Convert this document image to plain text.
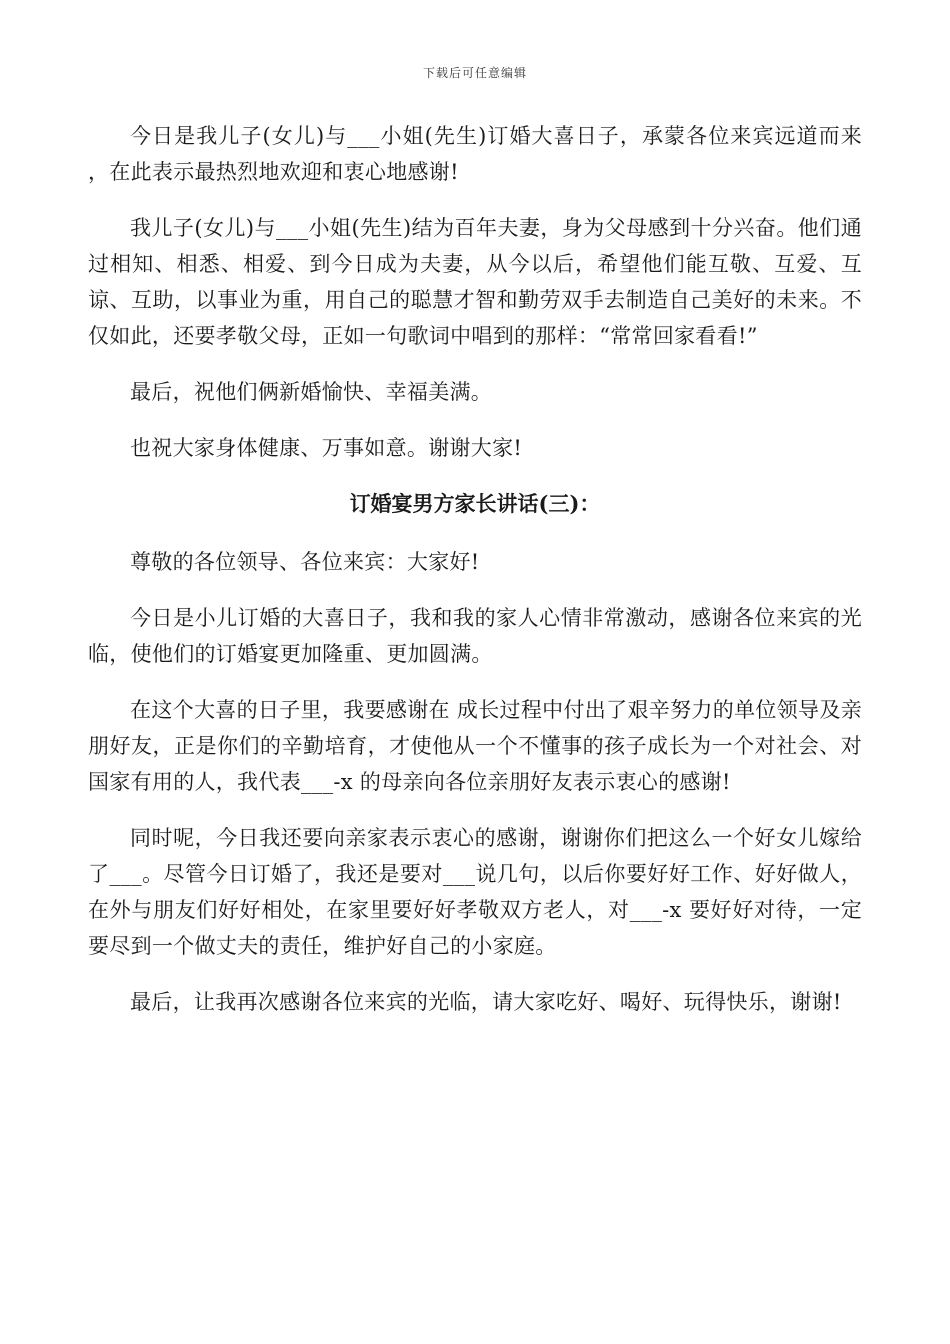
下载后可任意编辑

今日是我儿子(女儿)与___小姐(先生)订婚大喜日子，承蒙各位来宾远道而来 ，在此表示最热烈地欢迎和衷心地感谢!

我儿子(女儿)与___小姐(先生)结为百年夫妻，身为父母感到十分兴奋。他们通过相知、相悉、相爱、到今日成为夫妻，从今以后，希望他们能互敬、互爱、互谅、互助，以事业为重，用自己的聪慧才智和勤劳双手去制造自己美好的未来。不仅如此，还要孝敬父母，正如一句歌词中唱到的那样：“常常回家看看!”

最后，祝他们俩新婚愉快、幸福美满。

也祝大家身体健康、万事如意。谢谢大家!

订婚宴男方家长讲话(三)：

尊敬的各位领导、各位来宾：大家好!

今日是小儿订婚的大喜日子，我和我的家人心情非常激动，感谢各位来宾的光临，使他们的订婚宴更加隆重、更加圆满。

在这个大喜的日子里，我要感谢在 成长过程中付出了艰辛努力的单位领导及亲朋好友，正是你们的辛勤培育，才使他从一个不懂事的孩子成长为一个对社会、对国家有用的人，我代表___-x 的母亲向各位亲朋好友表示衷心的感谢!

同时呢，今日我还要向亲家表示衷心的感谢，谢谢你们把这么一个好女儿嫁给了___。尽管今日订婚了，我还是要对___说几句，以后你要好好工作、好好做人，在外与朋友们好好相处，在家里要好好孝敬双方老人，对___-x 要好好对待，一定要尽到一个做丈夫的责任，维护好自己的小家庭。

最后，让我再次感谢各位来宾的光临，请大家吃好、喝好、玩得快乐，谢谢!
